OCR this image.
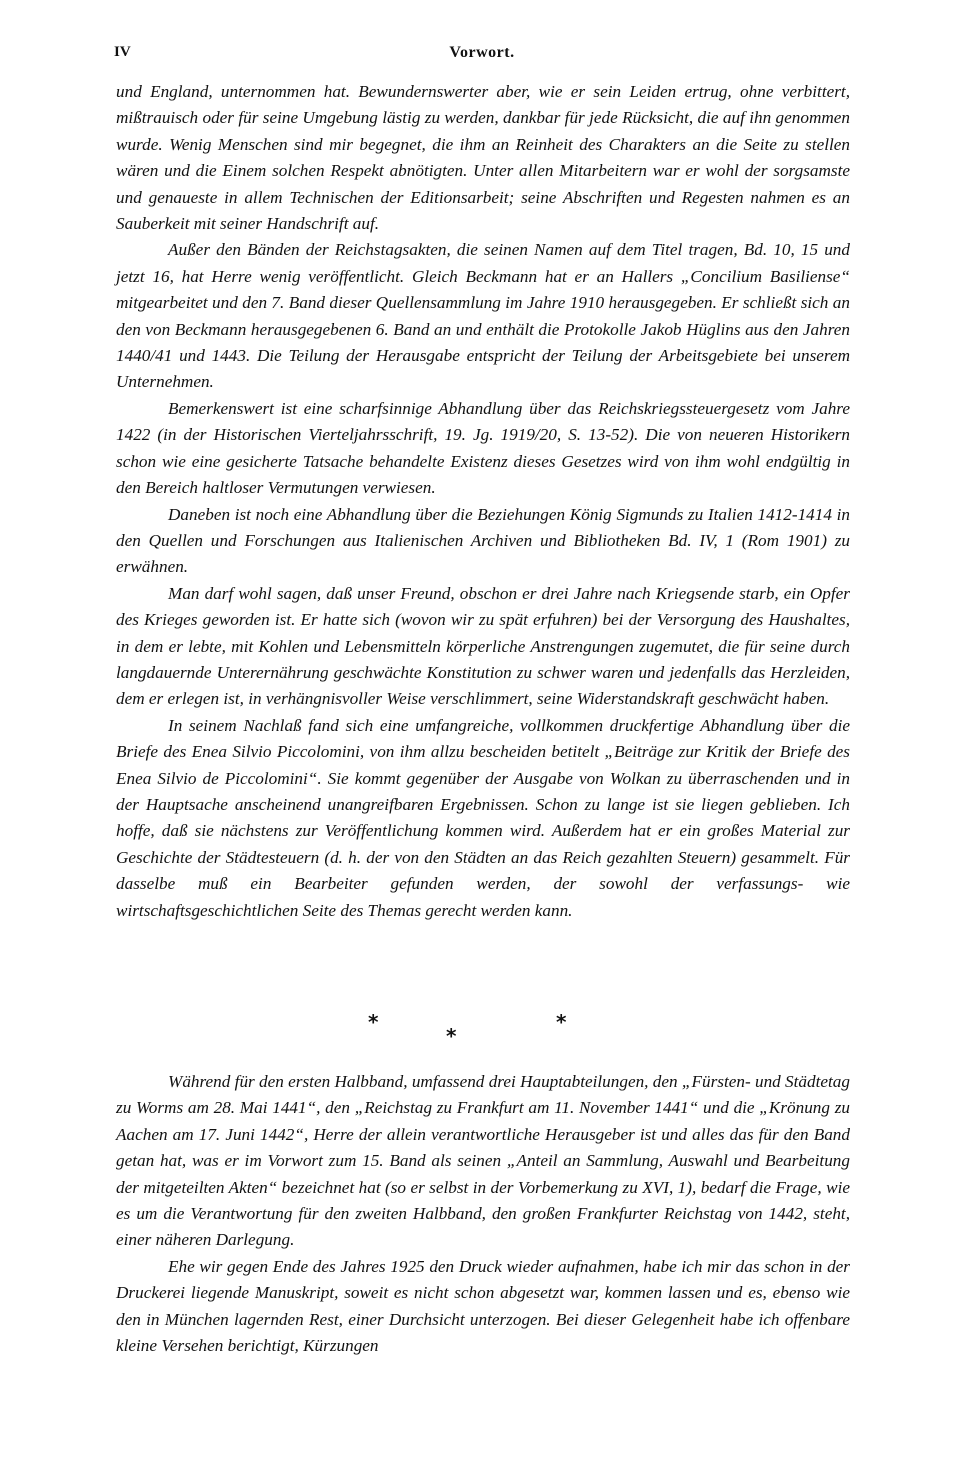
IV	Vorwort.

und England, unternommen hat. Bewundernswerter aber, wie er sein Leiden ertrug, ohne verbittert, mißtrauisch oder für seine Umgebung lästig zu werden, dankbar für jede Rücksicht, die auf ihn genommen wurde. Wenig Menschen sind mir begegnet, die ihm an Reinheit des Charakters an die Seite zu stellen wären und die Einem solchen Respekt abnötigten. Unter allen Mitarbeitern war er wohl der sorgsamste und genaueste in allem Technischen der Editionsarbeit; seine Abschriften und Regesten nahmen es an Sauberkeit mit seiner Handschrift auf.

Außer den Bänden der Reichstagsakten, die seinen Namen auf dem Titel tragen, Bd. 10, 15 und jetzt 16, hat Herre wenig veröffentlicht. Gleich Beckmann hat er an Hallers „Concilium Basiliense“ mitgearbeitet und den 7. Band dieser Quellensammlung im Jahre 1910 herausgegeben. Er schließt sich an den von Beckmann herausgegebenen 6. Band an und enthält die Protokolle Jakob Hüglins aus den Jahren 1440/41 und 1443. Die Teilung der Herausgabe entspricht der Teilung der Arbeitsgebiete bei unserem Unternehmen.

Bemerkenswert ist eine scharfsinnige Abhandlung über das Reichskriegssteuergesetz vom Jahre 1422 (in der Historischen Vierteljahrsschrift, 19. Jg. 1919/20, S. 13-52). Die von neueren Historikern schon wie eine gesicherte Tatsache behandelte Existenz dieses Gesetzes wird von ihm wohl endgültig in den Bereich haltloser Vermutungen verwiesen.

Daneben ist noch eine Abhandlung über die Beziehungen König Sigmunds zu Italien 1412-1414 in den Quellen und Forschungen aus Italienischen Archiven und Bibliotheken Bd. IV, 1 (Rom 1901) zu erwähnen.

Man darf wohl sagen, daß unser Freund, obschon er drei Jahre nach Kriegsende starb, ein Opfer des Krieges geworden ist. Er hatte sich (wovon wir zu spät erfuhren) bei der Versorgung des Haushaltes, in dem er lebte, mit Kohlen und Lebensmitteln körperliche Anstrengungen zugemutet, die für seine durch langdauernde Unterernährung geschwächte Konstitution zu schwer waren und jedenfalls das Herzleiden, dem er erlegen ist, in verhängnisvoller Weise verschlimmert, seine Widerstandskraft geschwächt haben.

In seinem Nachlaß fand sich eine umfangreiche, vollkommen druckfertige Abhandlung über die Briefe des Enea Silvio Piccolomini, von ihm allzu bescheiden betitelt „Beiträge zur Kritik der Briefe des Enea Silvio de Piccolomini“. Sie kommt gegenüber der Ausgabe von Wolkan zu überraschenden und in der Hauptsache anscheinend unangreifbaren Ergebnissen. Schon zu lange ist sie liegen geblieben. Ich hoffe, daß sie nächstens zur Veröffentlichung kommen wird. Außerdem hat er ein großes Material zur Geschichte der Städtesteuern (d. h. der von den Städten an das Reich gezahlten Steuern) gesammelt. Für dasselbe muß ein Bearbeiter gefunden werden, der sowohl der verfassungs- wie wirtschaftsgeschichtlichen Seite des Themas gerecht werden kann.

*
*
*

Während für den ersten Halbband, umfassend drei Hauptabteilungen, den „Fürsten- und Städtetag zu Worms am 28. Mai 1441“, den „Reichstag zu Frankfurt am 11. November 1441“ und die „Krönung zu Aachen am 17. Juni 1442“, Herre der allein verantwortliche Herausgeber ist und alles das für den Band getan hat, was er im Vorwort zum 15. Band als seinen „Anteil an Sammlung, Auswahl und Bearbeitung der mitgeteilten Akten“ bezeichnet hat (so er selbst in der Vorbemerkung zu XVI, 1), bedarf die Frage, wie es um die Verantwortung für den zweiten Halbband, den großen Frankfurter Reichstag von 1442, steht, einer näheren Darlegung.

Ehe wir gegen Ende des Jahres 1925 den Druck wieder aufnahmen, habe ich mir das schon in der Druckerei liegende Manuskript, soweit es nicht schon abgesetzt war, kommen lassen und es, ebenso wie den in München lagernden Rest, einer Durchsicht unterzogen. Bei dieser Gelegenheit habe ich offenbare kleine Versehen berichtigt, Kürzungen
